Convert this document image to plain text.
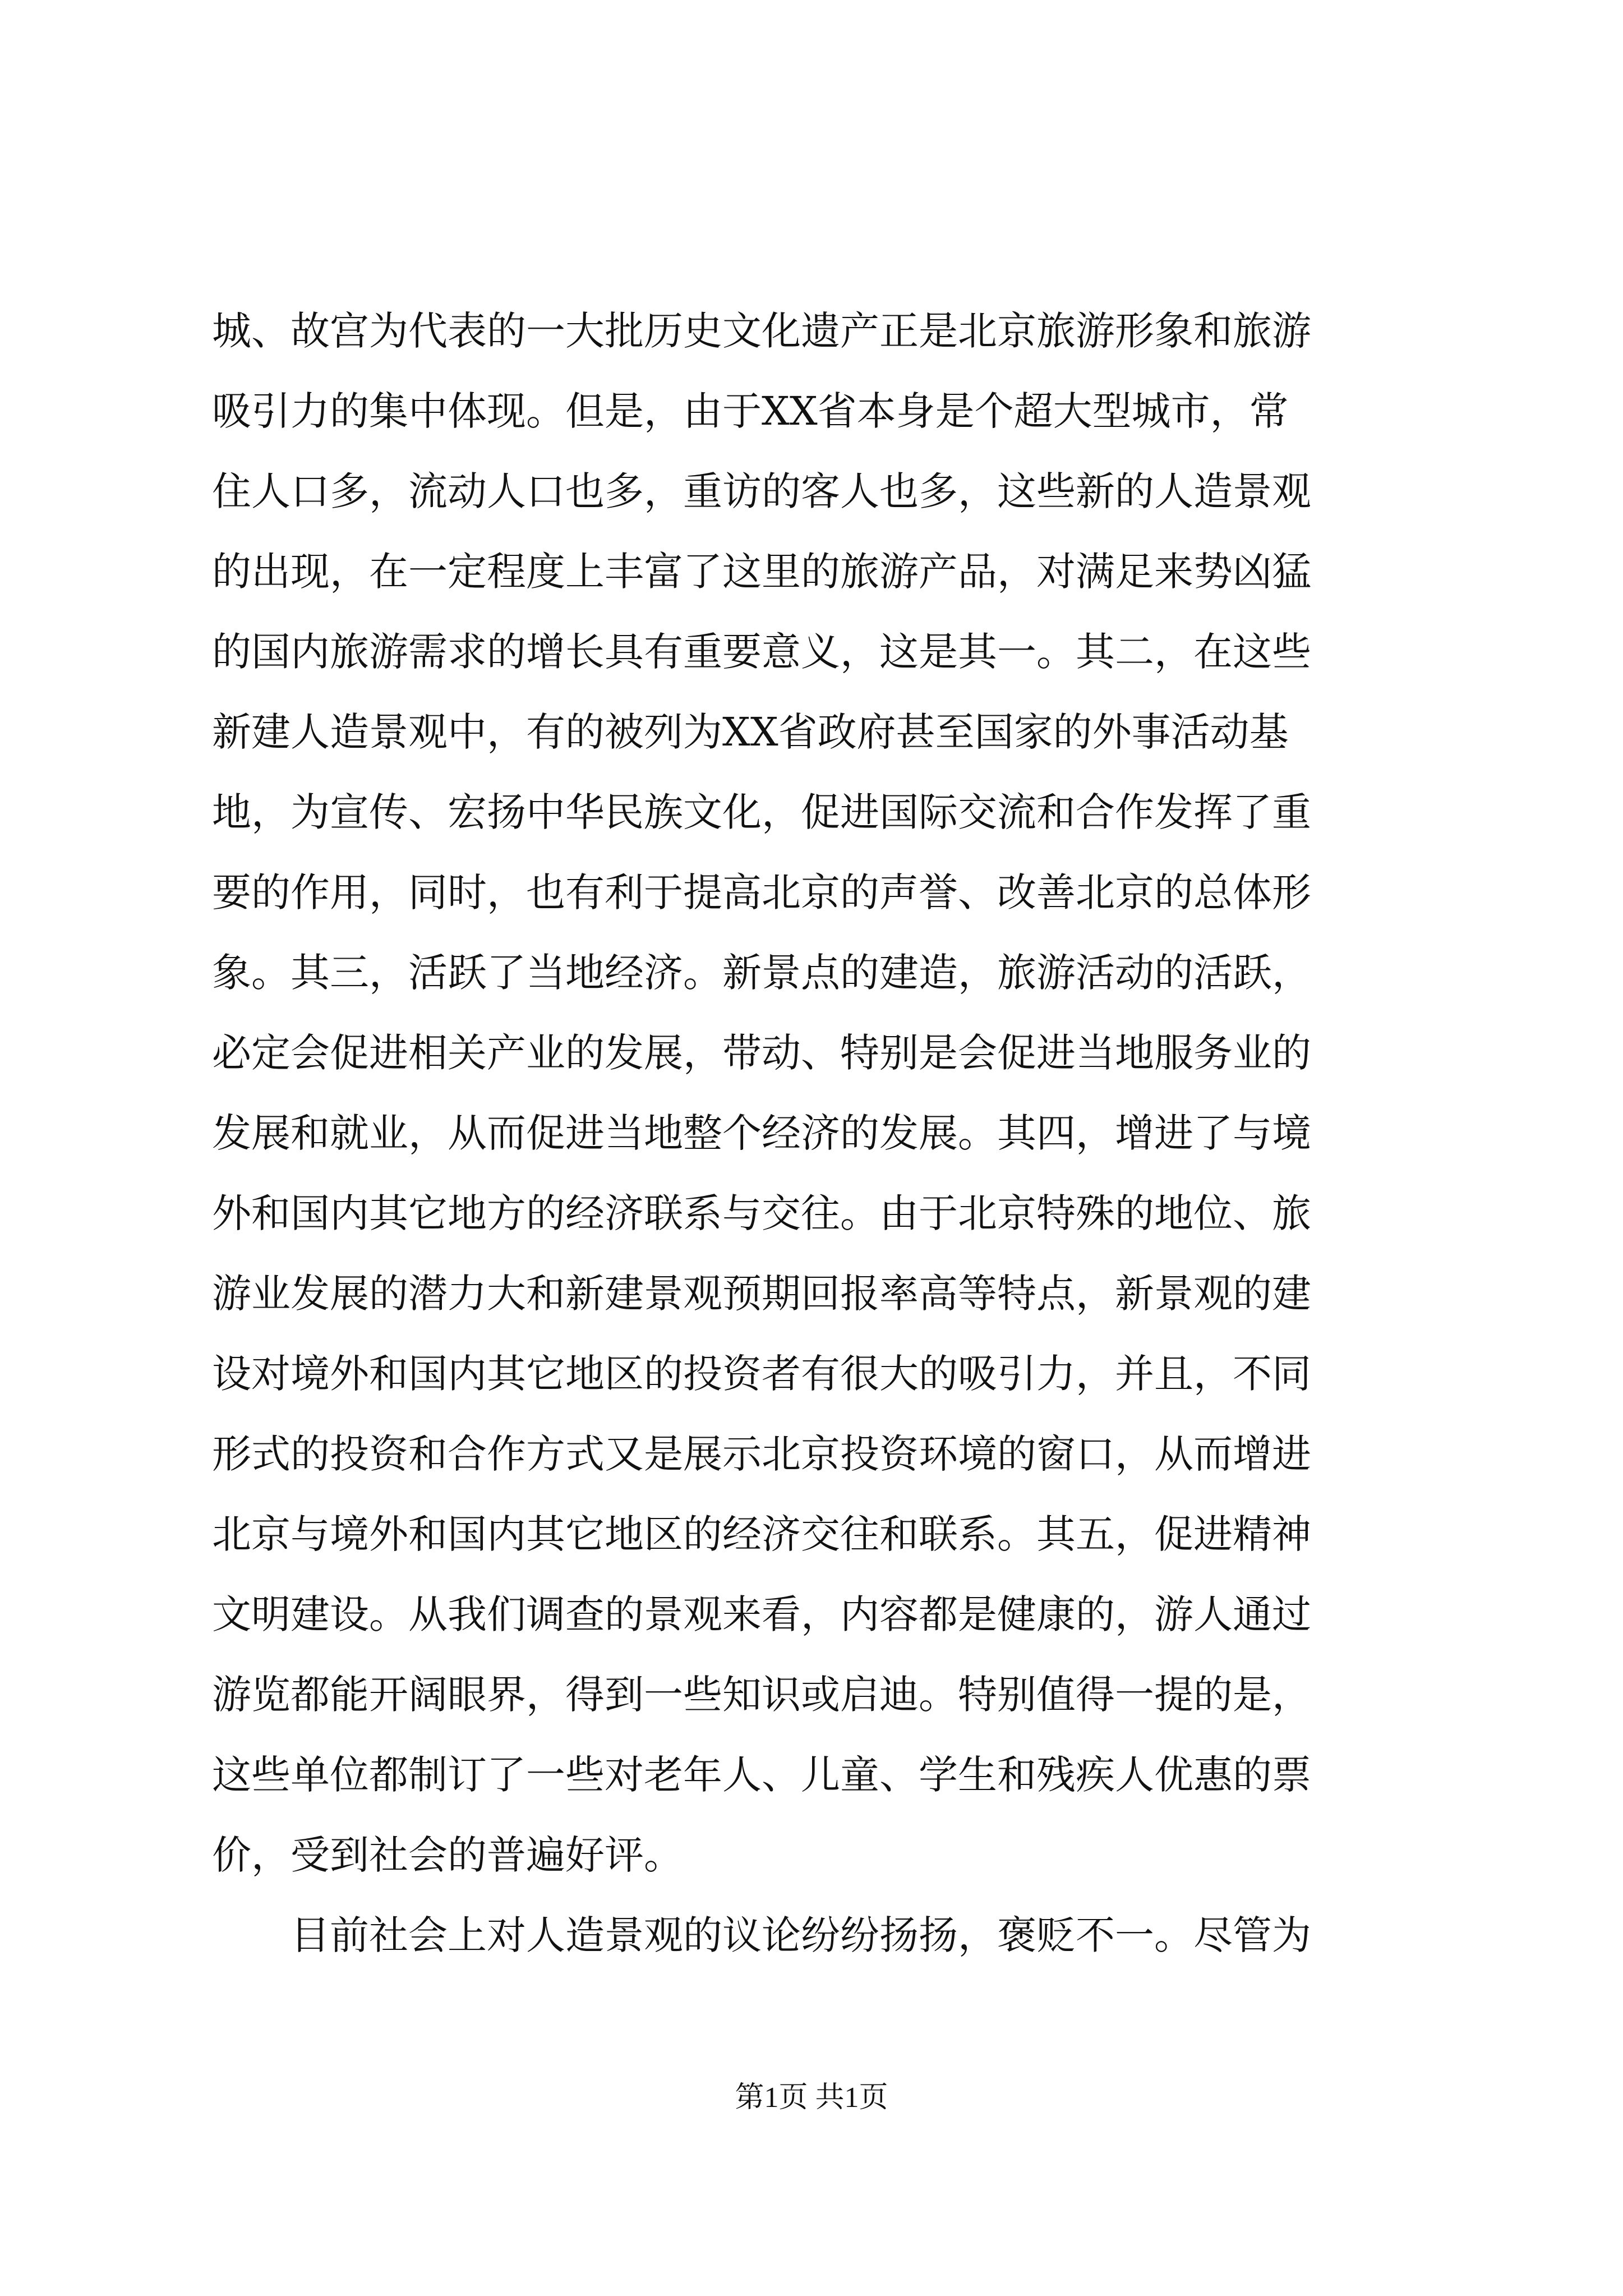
城、故宫为代表的一大批历史文化遗产正是北京旅游形象和旅游
吸引力的集中体现。但是，由于XX省本身是个超大型城市，常
住人口多，流动人口也多，重访的客人也多，这些新的人造景观
的出现，在一定程度上丰富了这里的旅游产品，对满足来势凶猛
的国内旅游需求的增长具有重要意义，这是其一。其二，在这些
新建人造景观中，有的被列为XX省政府甚至国家的外事活动基
地，为宣传、宏扬中华民族文化，促进国际交流和合作发挥了重
要的作用，同时，也有利于提高北京的声誉、改善北京的总体形
象。其三，活跃了当地经济。新景点的建造，旅游活动的活跃，
必定会促进相关产业的发展，带动、特别是会促进当地服务业的
发展和就业，从而促进当地整个经济的发展。其四，增进了与境
外和国内其它地方的经济联系与交往。由于北京特殊的地位、旅
游业发展的潜力大和新建景观预期回报率高等特点，新景观的建
设对境外和国内其它地区的投资者有很大的吸引力，并且，不同
形式的投资和合作方式又是展示北京投资环境的窗口，从而增进
北京与境外和国内其它地区的经济交往和联系。其五，促进精神
文明建设。从我们调查的景观来看，内容都是健康的，游人通过
游览都能开阔眼界，得到一些知识或启迪。特别值得一提的是，
这些单位都制订了一些对老年人、儿童、学生和残疾人优惠的票
价，受到社会的普遍好评。
目前社会上对人造景观的议论纷纷扬扬，褒贬不一。尽管为
第1页 共1页
